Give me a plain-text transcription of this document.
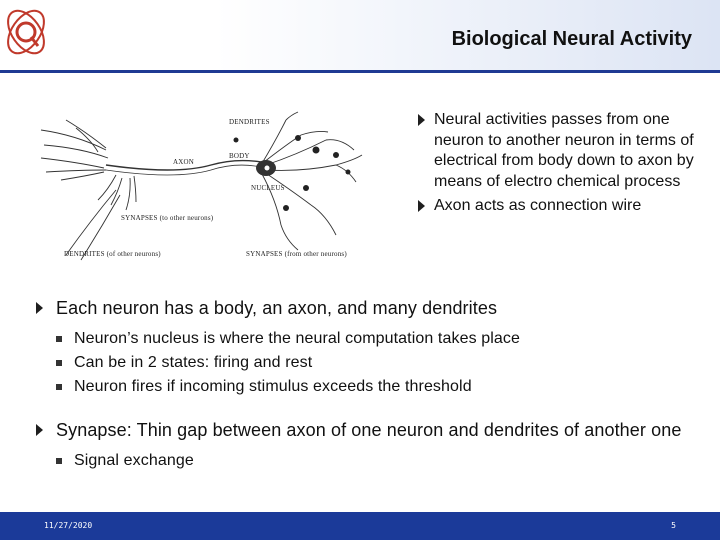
Biological Neural Activity
DENDRITES
BODY
AXON
NUCLEUS
SYNAPSES (to other neurons)
DENDRITES (of other neurons)	SYNAPSES (from other neurons)
Neural activities passes from one neuron to another neuron in terms of electrical from body down to axon by means of electro chemical process
Axon acts as connection wire
Each neuron has a body, an axon, and many dendrites
Neuron’s nucleus is where the neural computation takes place
Can be in 2 states: firing and rest
Neuron fires if incoming stimulus exceeds the threshold
Synapse: Thin gap between axon of one neuron and dendrites of another one
Signal exchange
11/27/2020	5
